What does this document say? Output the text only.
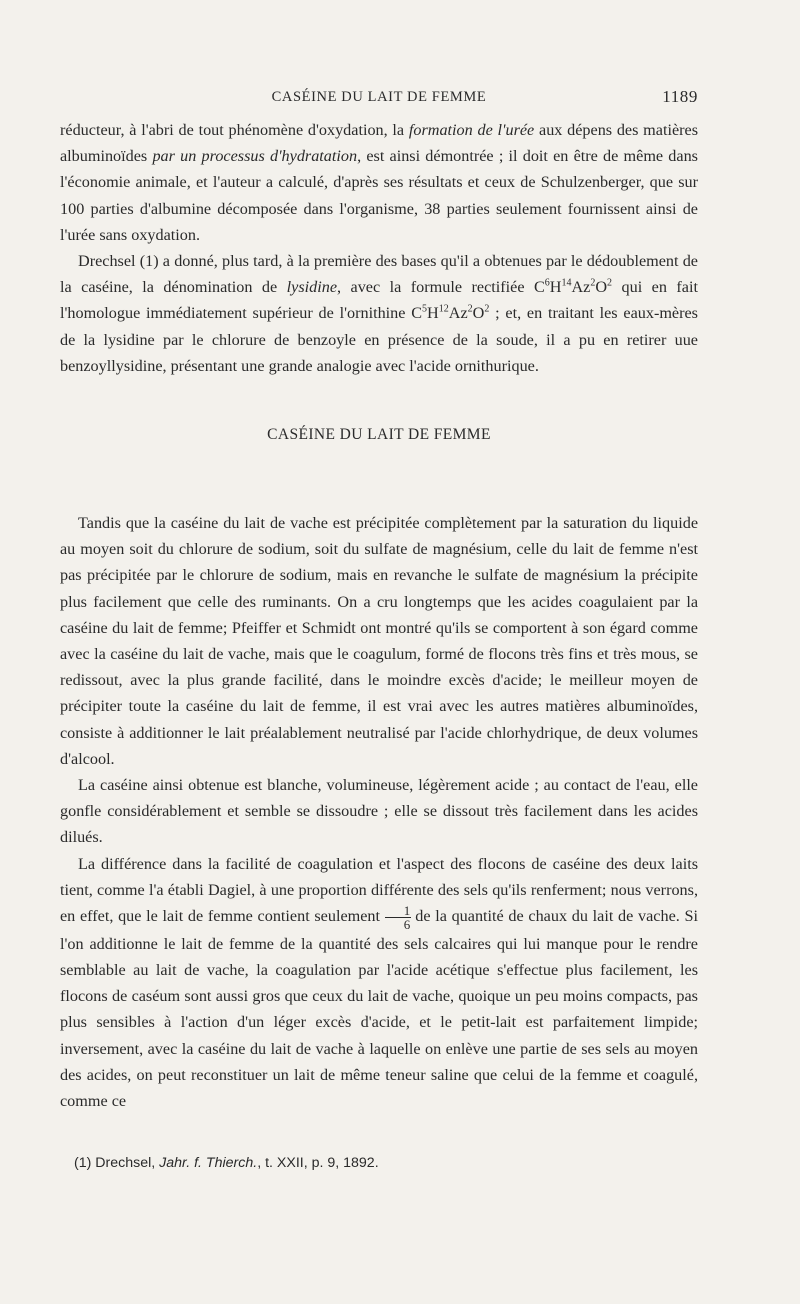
CASÉINE DU LAIT DE FEMME	1189

réducteur, à l'abri de tout phénomène d'oxydation, la formation de l'urée aux dépens des matières albuminoïdes par un processus d'hydratation, est ainsi démontrée ; il doit en être de même dans l'économie animale, et l'auteur a calculé, d'après ses résultats et ceux de Schulzenberger, que sur 100 parties d'albumine décomposée dans l'organisme, 38 parties seulement fournissent ainsi de l'urée sans oxydation.

Drechsel (1) a donné, plus tard, à la première des bases qu'il a obtenues par le dédoublement de la caséine, la dénomination de lysidine, avec la formule rectifiée $C^6H^{14}Az^2O^2$ qui en fait l'homologue immédiatement supérieur de l'ornithine $C^5H^{12}Az^2O^2$ ; et, en traitant les eaux-mères de la lysidine par le chlorure de benzoyle en présence de la soude, il a pu en retirer uue benzoyllysidine, présentant une grande analogie avec l'acide ornithurique.

CASÉINE DU LAIT DE FEMME

Tandis que la caséine du lait de vache est précipitée complètement par la saturation du liquide au moyen soit du chlorure de sodium, soit du sulfate de magnésium, celle du lait de femme n'est pas précipitée par le chlorure de sodium, mais en revanche le sulfate de magnésium la précipite plus facilement que celle des ruminants. On a cru longtemps que les acides coagulaient par la caséine du lait de femme; Pfeiffer et Schmidt ont montré qu'ils se comportent à son égard comme avec la caséine du lait de vache, mais que le coagulum, formé de flocons très fins et très mous, se redissout, avec la plus grande facilité, dans le moindre excès d'acide; le meilleur moyen de précipiter toute la caséine du lait de femme, il est vrai avec les autres matières albuminoïdes, consiste à additionner le lait préalablement neutralisé par l'acide chlorhydrique, de deux volumes d'alcool.

La caséine ainsi obtenue est blanche, volumineuse, légèrement acide ; au contact de l'eau, elle gonfle considérablement et semble se dissoudre ; elle se dissout très facilement dans les acides dilués.

La différence dans la facilité de coagulation et l'aspect des flocons de caséine des deux laits tient, comme l'a établi Dagiel, à une proportion différente des sels qu'ils renferment; nous verrons, en effet, que le lait de femme contient seulement $\frac{1}{6}$ de la quantité de chaux du lait de vache. Si l'on additionne le lait de femme de la quantité des sels calcaires qui lui manque pour le rendre semblable au lait de vache, la coagulation par l'acide acétique s'effectue plus facilement, les flocons de caséum sont aussi gros que ceux du lait de vache, quoique un peu moins compacts, pas plus sensibles à l'action d'un léger excès d'acide, et le petit-lait est parfaitement limpide; inversement, avec la caséine du lait de vache à laquelle on enlève une partie de ses sels au moyen des acides, on peut reconstituer un lait de même teneur saline que celui de la femme et coagulé, comme ce

(1) Drechsel, Jahr. f. Thierch., t. XXII, p. 9, 1892.
